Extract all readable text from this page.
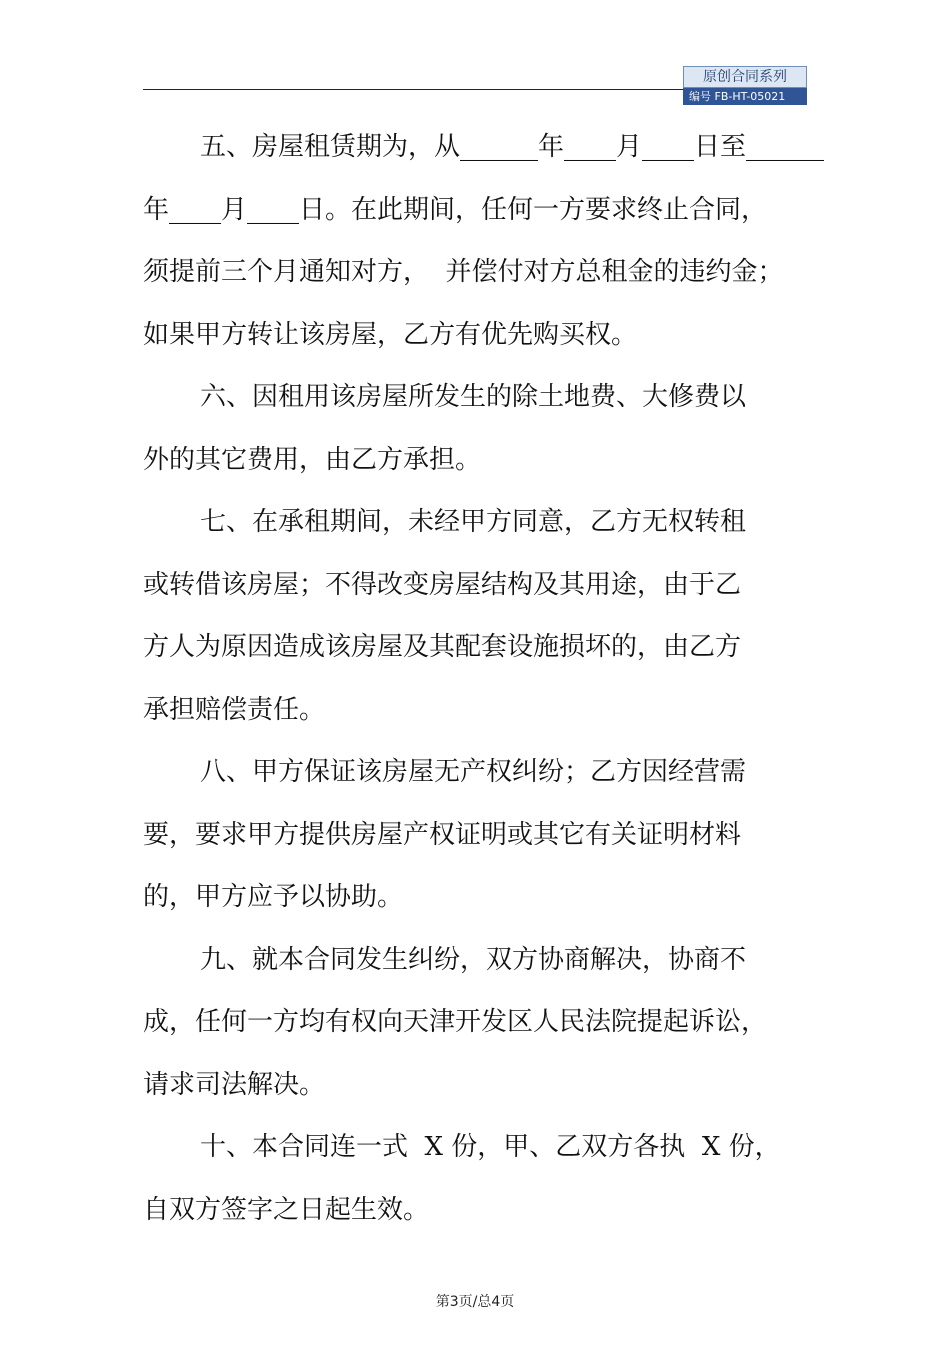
原创合同系列
编号 FB-HT-05021
五、房屋租赁期为，从______年____月____日至______
年____月____日。在此期间，任何一方要求终止合同，
须提前三个月通知对方，  并偿付对方总租金的违约金；
如果甲方转让该房屋，乙方有优先购买权。
六、因租用该房屋所发生的除土地费、大修费以
外的其它费用，由乙方承担。
七、在承租期间，未经甲方同意，乙方无权转租
或转借该房屋；不得改变房屋结构及其用途，由于乙
方人为原因造成该房屋及其配套设施损坏的，由乙方
承担赔偿责任。
八、甲方保证该房屋无产权纠纷；乙方因经营需
要，要求甲方提供房屋产权证明或其它有关证明材料
的，甲方应予以协助。
九、就本合同发生纠纷，双方协商解决，协商不
成，任何一方均有权向天津开发区人民法院提起诉讼，
请求司法解决。
十、本合同连一式  X 份，甲、乙双方各执  X 份，
自双方签字之日起生效。
第3页/总4页
